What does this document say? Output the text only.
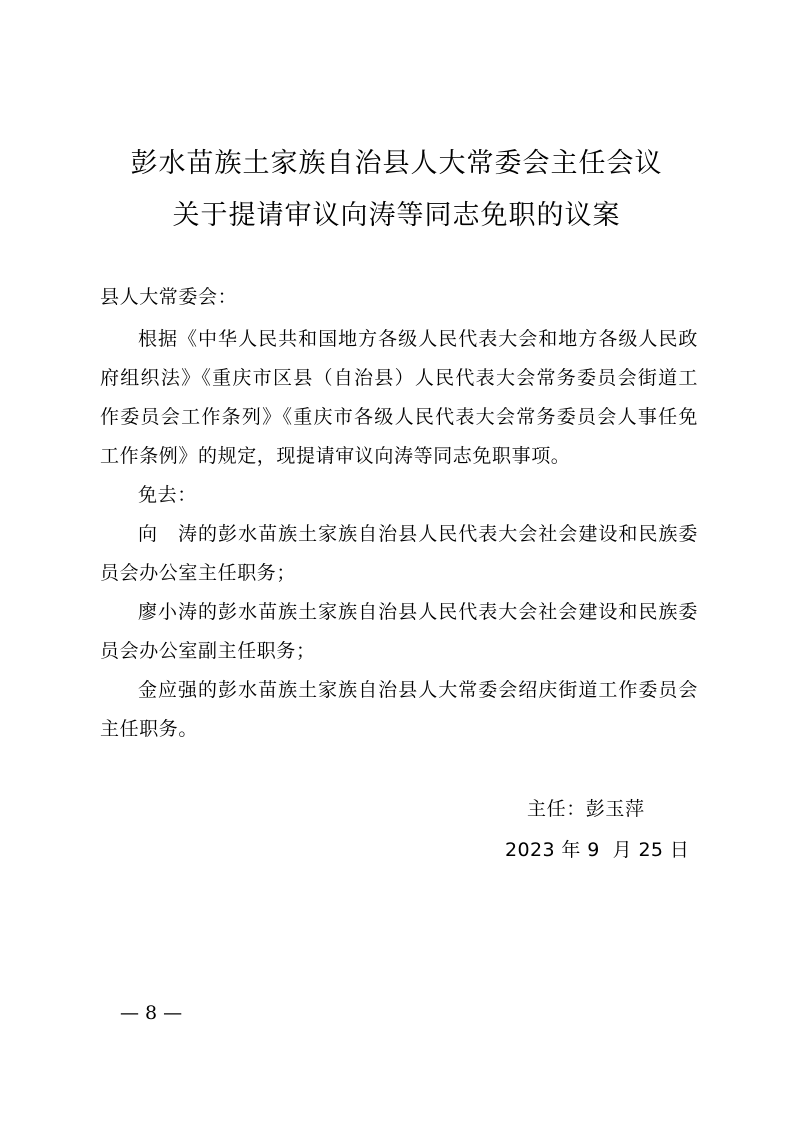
彭水苗族土家族自治县人大常委会主任会议
关于提请审议向涛等同志免职的议案
县人大常委会：

根据《中华人民共和国地方各级人民代表大会和地方各级人民政府组织法》《重庆市区县（自治县）人民代表大会常务委员会街道工作委员会工作条列》《重庆市各级人民代表大会常务委员会人事任免工作条例》的规定，现提请审议向涛等同志免职事项。

免去：

向　涛的彭水苗族土家族自治县人民代表大会社会建设和民族委员会办公室主任职务；

廖小涛的彭水苗族土家族自治县人民代表大会社会建设和民族委员会办公室副主任职务；

金应强的彭水苗族土家族自治县人大常委会绍庆街道工作委员会主任职务。

主任：彭玉萍
2023 年 9  月 25 日
— 8 —
